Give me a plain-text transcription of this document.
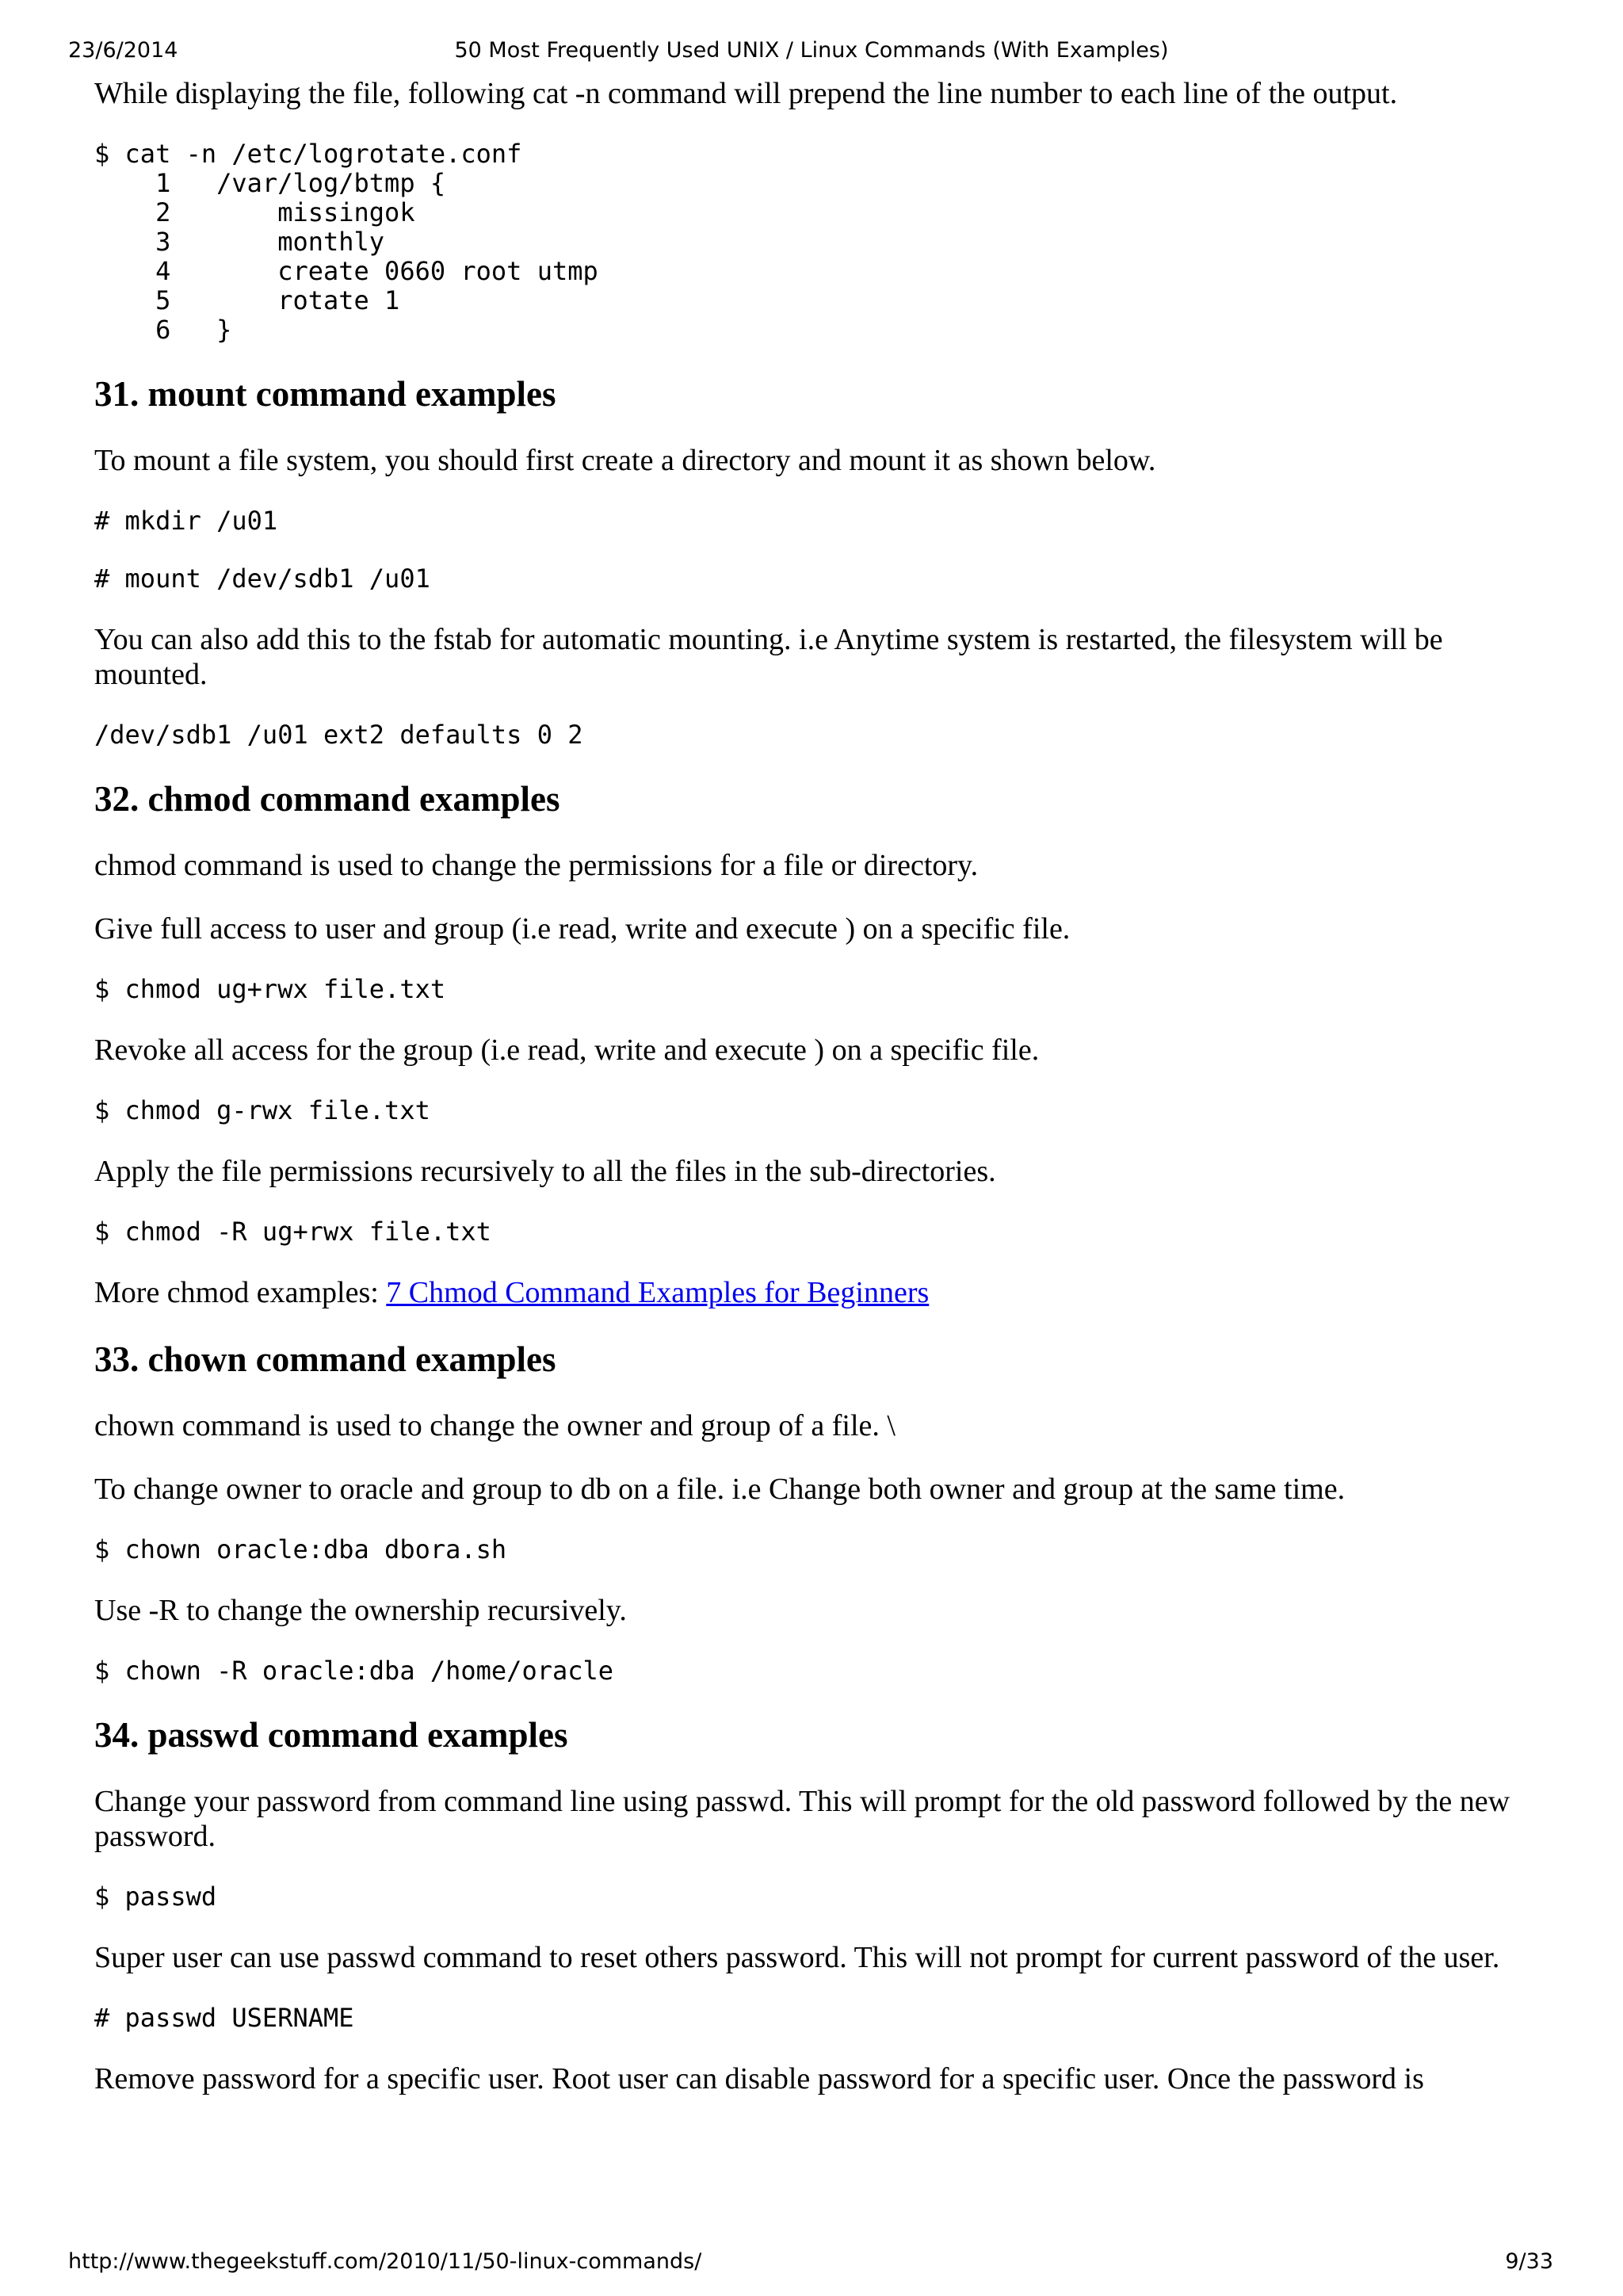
23/6/2014	50 Most Frequently Used UNIX / Linux Commands (With Examples)

While displaying the file, following cat -n command will prepend the line number to each line of the output.

$ cat -n /etc/logrotate.conf
1	/var/log/btmp {
2	missingok
3	monthly
4	create 0660 root utmp
5	rotate 1
6	}
31. mount command examples

To mount a file system, you should first create a directory and mount it as shown below.

# mkdir /u01
# mount /dev/sdb1 /u01

You can also add this to the fstab for automatic mounting. i.e Anytime system is restarted, the filesystem will be mounted.

/dev/sdb1 /u01 ext2 defaults 0 2
32. chmod command examples

chmod command is used to change the permissions for a file or directory.

Give full access to user and group (i.e read, write and execute ) on a specific file.

$ chmod ug+rwx file.txt

Revoke all access for the group (i.e read, write and execute ) on a specific file.

$ chmod g-rwx file.txt

Apply the file permissions recursively to all the files in the sub-directories.

$ chmod -R ug+rwx file.txt

More chmod examples: 7 Chmod Command Examples for Beginners

33. chown command examples

chown command is used to change the owner and group of a file. \

To change owner to oracle and group to db on a file. i.e Change both owner and group at the same time.

$ chown oracle:dba dbora.sh

Use -R to change the ownership recursively.

$ chown -R oracle:dba /home/oracle
34. passwd command examples

Change your password from command line using passwd. This will prompt for the old password followed by the new password.

$ passwd

Super user can use passwd command to reset others password. This will not prompt for current password of the user.

# passwd USERNAME

Remove password for a specific user. Root user can disable password for a specific user. Once the password is

http://www.thegeekstuff.com/2010/11/50-linux-commands/	9/33
